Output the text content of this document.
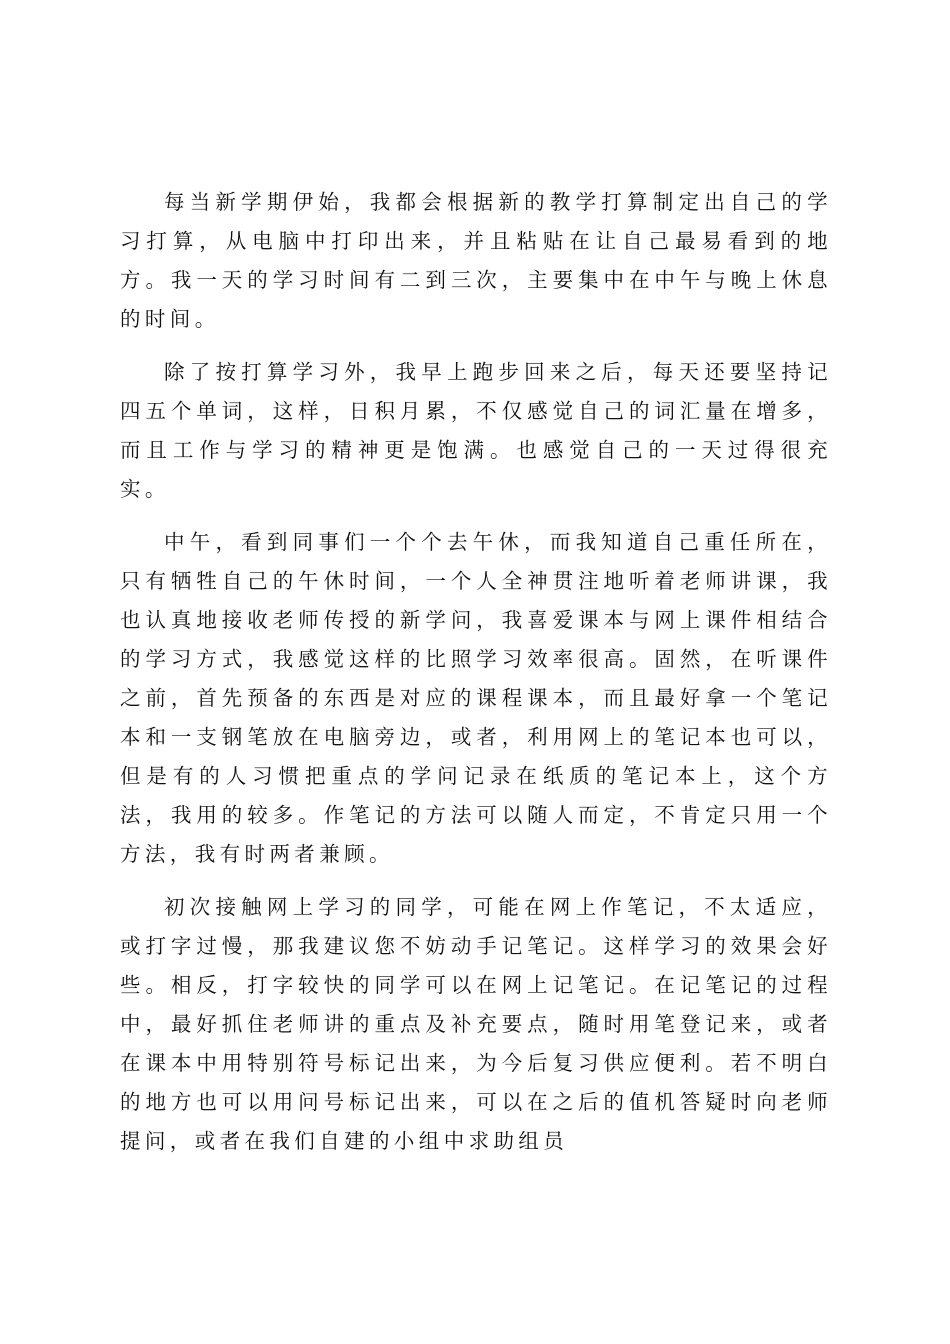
每当新学期伊始，我都会根据新的教学打算制定出自己的学习打算，从电脑中打印出来，并且粘贴在让自己最易看到的地方。我一天的学习时间有二到三次，主要集中在中午与晚上休息的时间。

除了按打算学习外，我早上跑步回来之后，每天还要坚持记四五个单词，这样，日积月累，不仅感觉自己的词汇量在增多，而且工作与学习的精神更是饱满。也感觉自己的一天过得很充实。

中午，看到同事们一个个去午休，而我知道自己重任所在，只有牺牲自己的午休时间，一个人全神贯注地听着老师讲课，我也认真地接收老师传授的新学问，我喜爱课本与网上课件相结合的学习方式，我感觉这样的比照学习效率很高。固然，在听课件之前，首先预备的东西是对应的课程课本，而且最好拿一个笔记本和一支钢笔放在电脑旁边，或者，利用网上的笔记本也可以，但是有的人习惯把重点的学问记录在纸质的笔记本上，这个方法，我用的较多。作笔记的方法可以随人而定，不肯定只用一个方法，我有时两者兼顾。

初次接触网上学习的同学，可能在网上作笔记，不太适应，或打字过慢，那我建议您不妨动手记笔记。这样学习的效果会好些。相反，打字较快的同学可以在网上记笔记。在记笔记的过程中，最好抓住老师讲的重点及补充要点，随时用笔登记来，或者在课本中用特别符号标记出来，为今后复习供应便利。若不明白的地方也可以用问号标记出来，可以在之后的值机答疑时向老师提问，或者在我们自建的小组中求助组员
